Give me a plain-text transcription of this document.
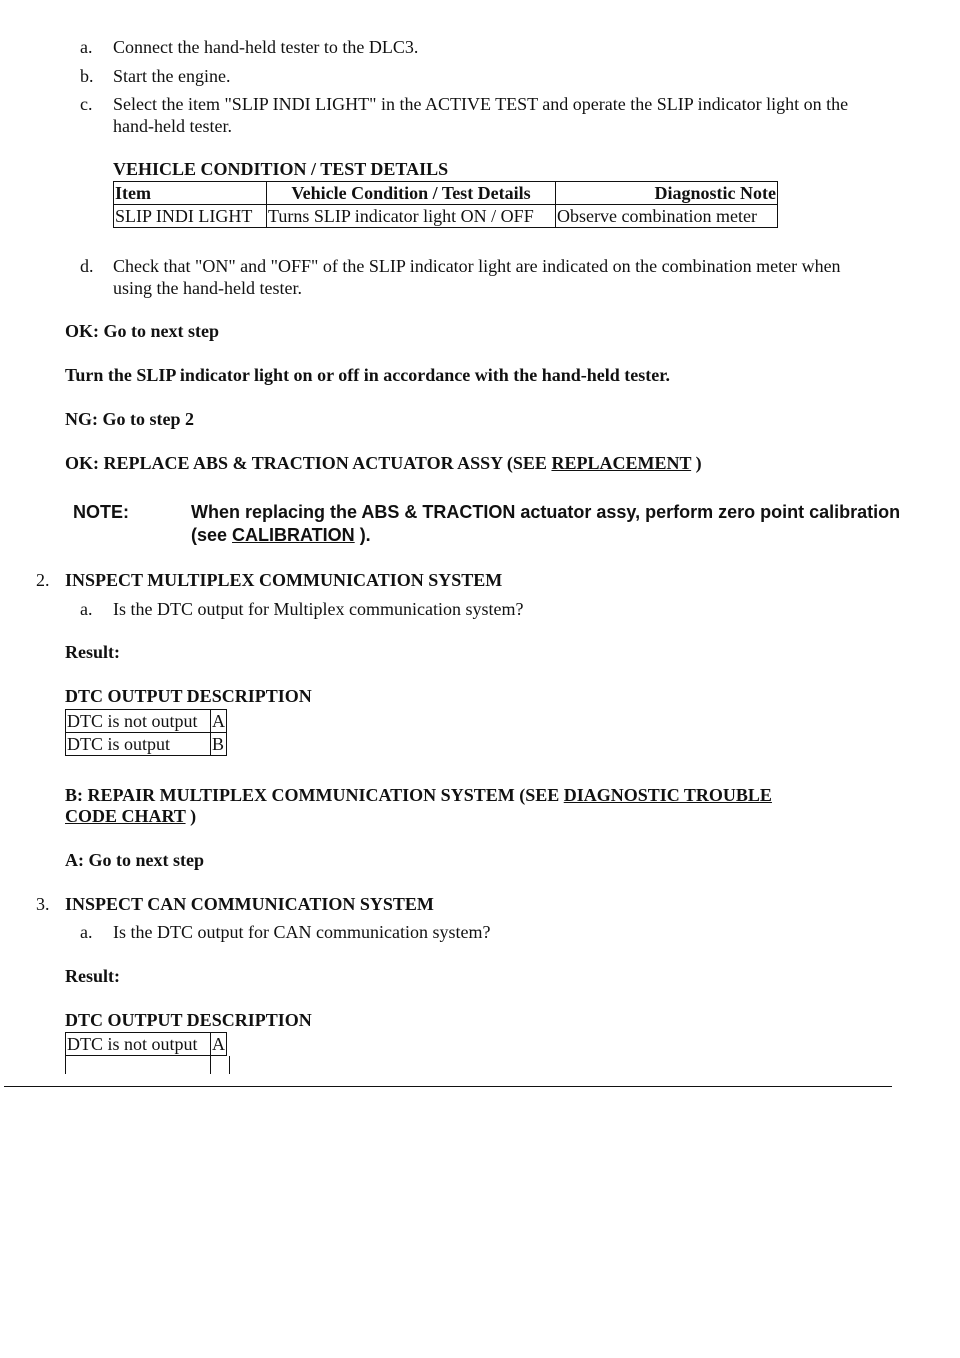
a. Connect the hand-held tester to the DLC3.
b. Start the engine.
c. Select the item "SLIP INDI LIGHT" in the ACTIVE TEST and operate the SLIP indicator light on the hand-held tester.
VEHICLE CONDITION / TEST DETAILS
Item	Vehicle Condition / Test Details	Diagnostic Note
SLIP INDI LIGHT	Turns SLIP indicator light ON / OFF	Observe combination meter
d. Check that "ON" and "OFF" of the SLIP indicator light are indicated on the combination meter when using the hand-held tester.
OK: Go to next step
Turn the SLIP indicator light on or off in accordance with the hand-held tester.
NG: Go to step 2
OK: REPLACE ABS & TRACTION ACTUATOR ASSY (SEE REPLACEMENT )
NOTE:	When replacing the ABS & TRACTION actuator assy, perform zero point calibration (see CALIBRATION ).
2. INSPECT MULTIPLEX COMMUNICATION SYSTEM
a. Is the DTC output for Multiplex communication system?
Result:
DTC OUTPUT DESCRIPTION
DTC is not output	A
DTC is output	B
B: REPAIR MULTIPLEX COMMUNICATION SYSTEM (SEE DIAGNOSTIC TROUBLE
CODE CHART )
A: Go to next step
3. INSPECT CAN COMMUNICATION SYSTEM
a. Is the DTC output for CAN communication system?
Result:
DTC OUTPUT DESCRIPTION
DTC is not output	A
